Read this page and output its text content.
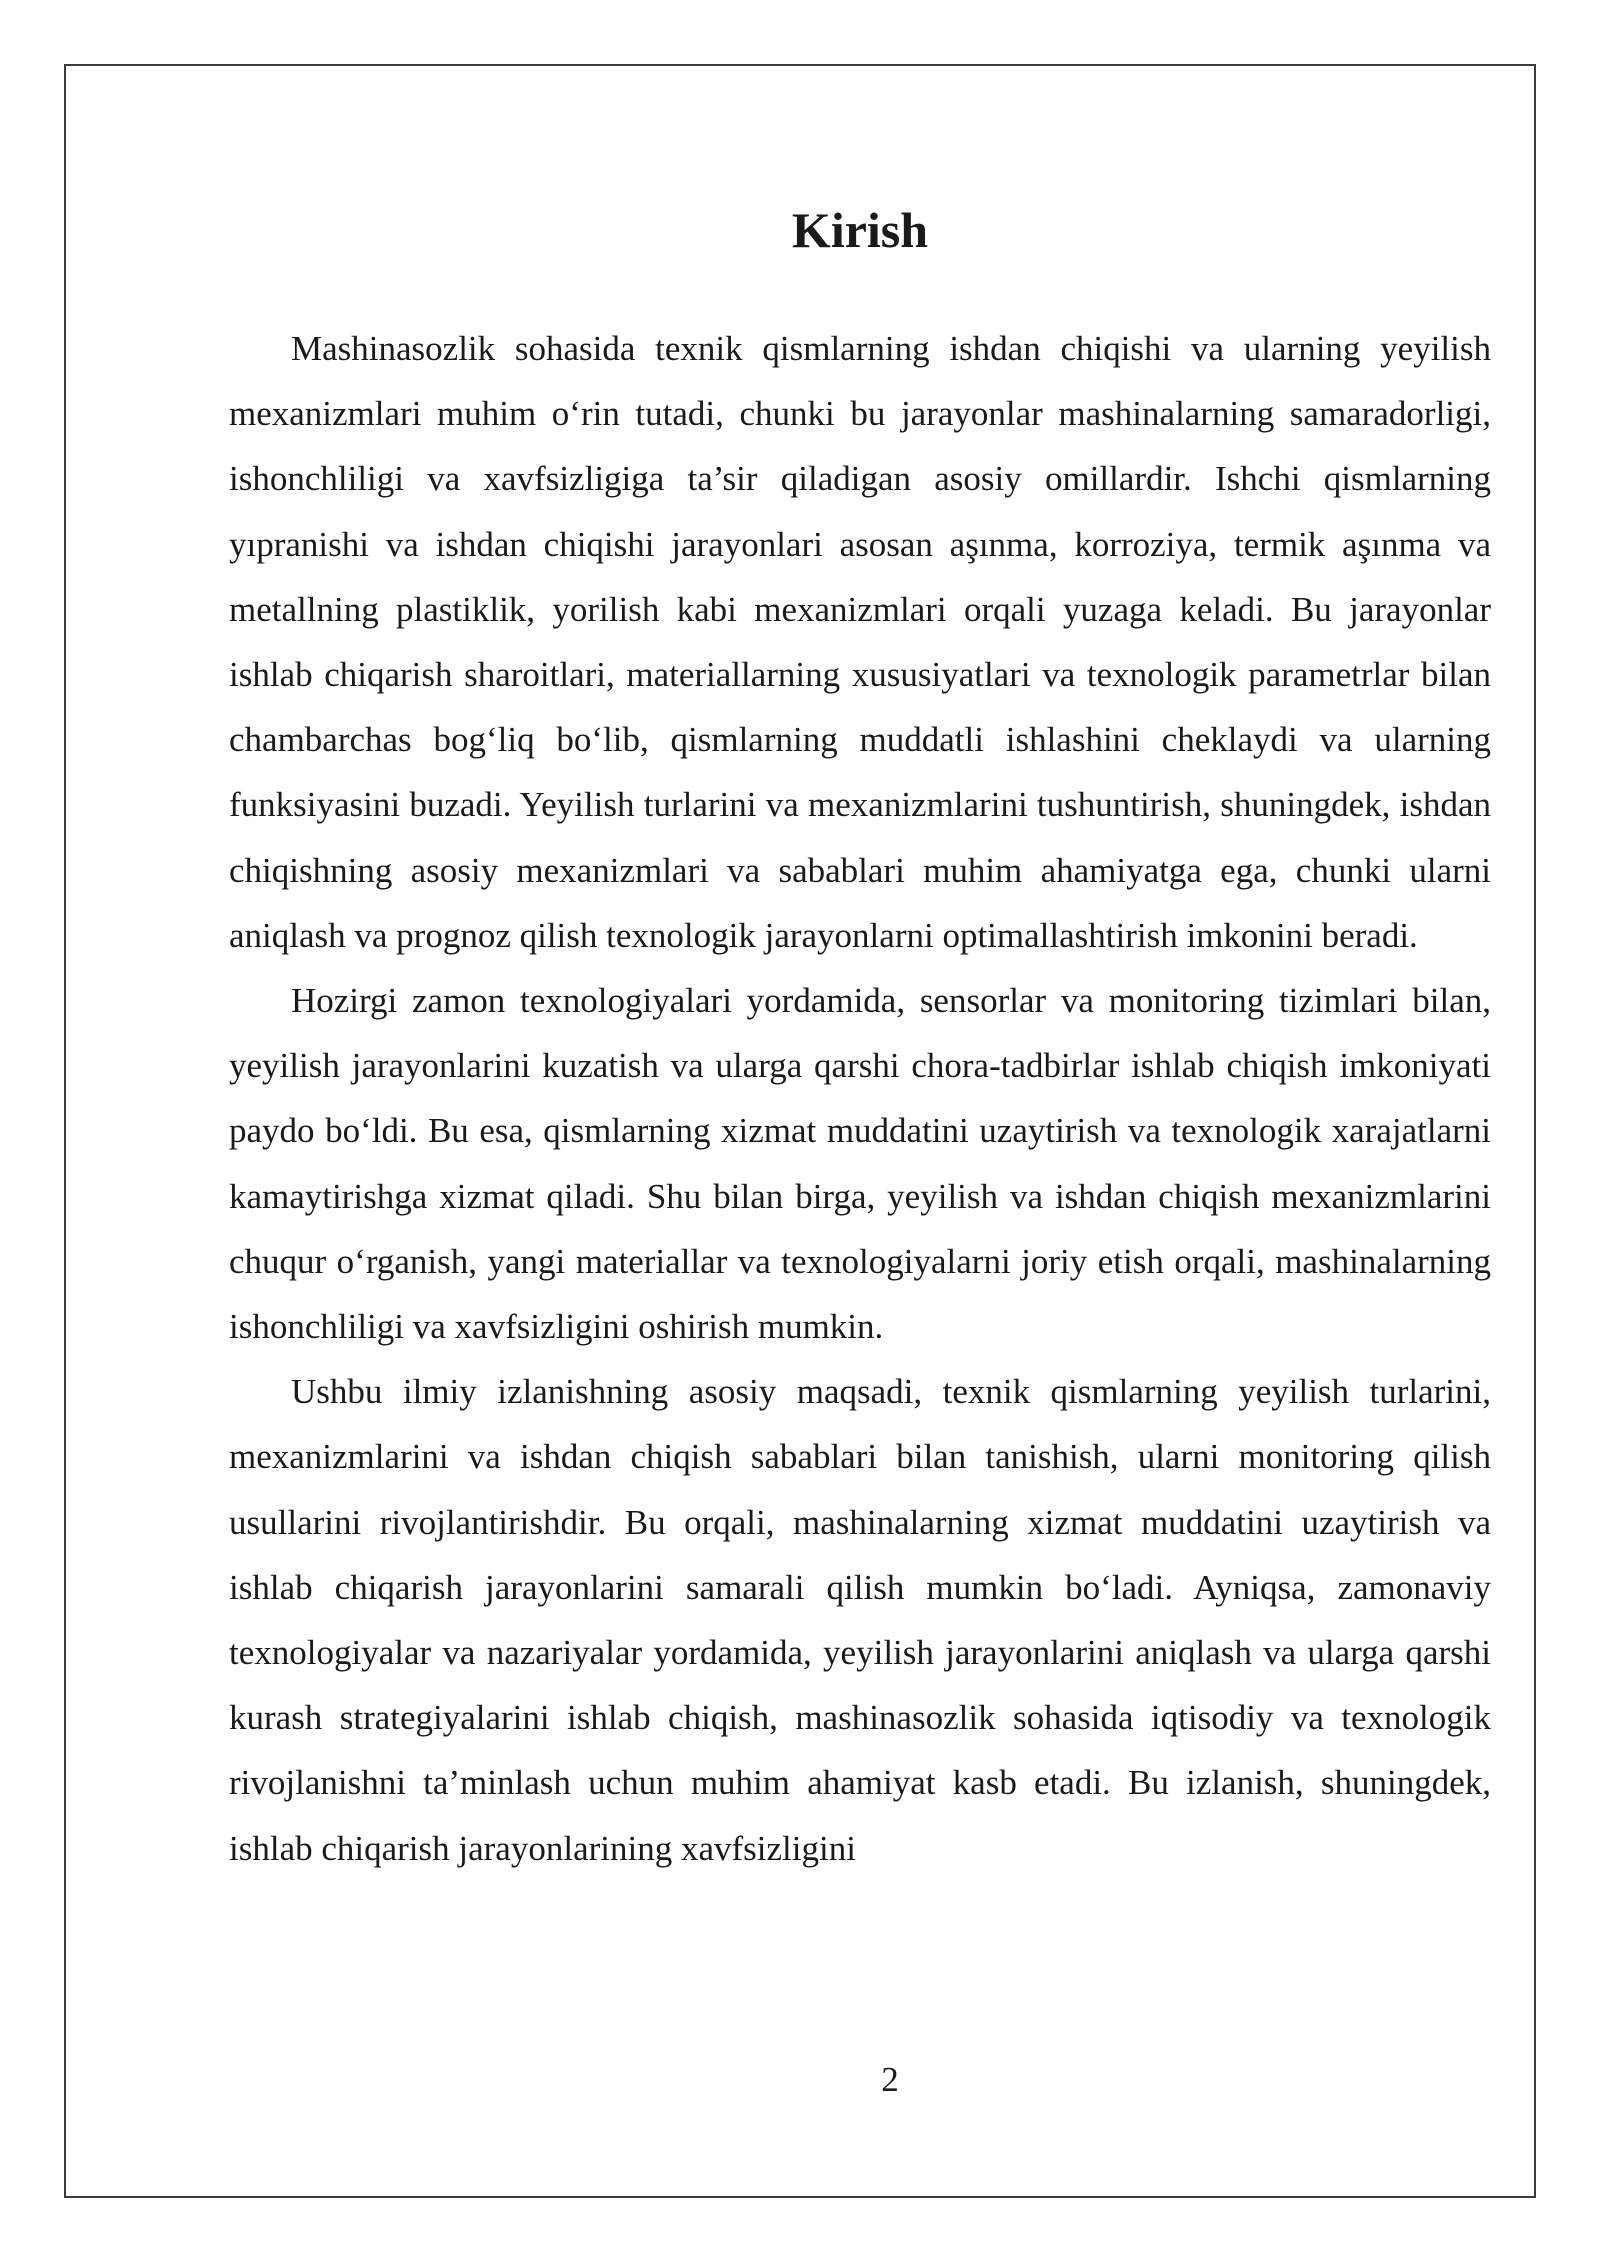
Kirish

Mashinasozlik sohasida texnik qismlarning ishdan chiqishi va ularning yeyilish mexanizmlari muhim o‘rin tutadi, chunki bu jarayonlar mashinalarning samaradorligi, ishonchliligi va xavfsizligiga ta’sir qiladigan asosiy omillardir. Ishchi qismlarning yıpranishi va ishdan chiqishi jarayonlari asosan aşınma, korroziya, termik aşınma va metallning plastiklik, yorilish kabi mexanizmlari orqali yuzaga keladi. Bu jarayonlar ishlab chiqarish sharoitlari, materiallarning xususiyatlari va texnologik parametrlar bilan chambarchas bog‘liq bo‘lib, qismlarning muddatli ishlashini cheklaydi va ularning funksiyasini buzadi. Yeyilish turlarini va mexanizmlarini tushuntirish, shuningdek, ishdan chiqishning asosiy mexanizmlari va sabablari muhim ahamiyatga ega, chunki ularni aniqlash va prognoz qilish texnologik jarayonlarni optimallashtirish imkonini beradi.

Hozirgi zamon texnologiyalari yordamida, sensorlar va monitoring tizimlari bilan, yeyilish jarayonlarini kuzatish va ularga qarshi chora-tadbirlar ishlab chiqish imkoniyati paydo bo‘ldi. Bu esa, qismlarning xizmat muddatini uzaytirish va texnologik xarajatlarni kamaytirishga xizmat qiladi. Shu bilan birga, yeyilish va ishdan chiqish mexanizmlarini chuqur o‘rganish, yangi materiallar va texnologiyalarni joriy etish orqali, mashinalarning ishonchliligi va xavfsizligini oshirish mumkin.

Ushbu ilmiy izlanishning asosiy maqsadi, texnik qismlarning yeyilish turlarini, mexanizmlarini va ishdan chiqish sabablari bilan tanishish, ularni monitoring qilish usullarini rivojlantirishdir. Bu orqali, mashinalarning xizmat muddatini uzaytirish va ishlab chiqarish jarayonlarini samarali qilish mumkin bo‘ladi. Ayniqsa, zamonaviy texnologiyalar va nazariyalar yordamida, yeyilish jarayonlarini aniqlash va ularga qarshi kurash strategiyalarini ishlab chiqish, mashinasozlik sohasida iqtisodiy va texnologik rivojlanishni ta’minlash uchun muhim ahamiyat kasb etadi. Bu izlanish, shuningdek, ishlab chiqarish jarayonlarining xavfsizligini

2
